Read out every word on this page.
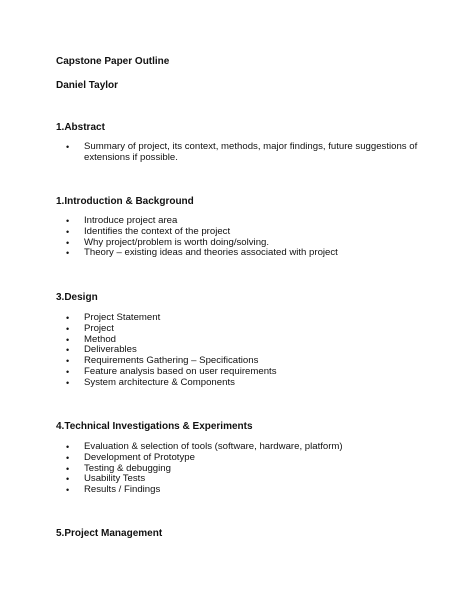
Capstone Paper Outline
Daniel Taylor
1.Abstract
• Summary of project, its context, methods, major findings, future suggestions of extensions if possible.
1.Introduction & Background
• Introduce project area
• Identifies the context of the project
• Why project/problem is worth doing/solving.
• Theory – existing ideas and theories associated with project
3.Design
• Project Statement
• Project
• Method
• Deliverables
• Requirements Gathering – Specifications
• Feature analysis based on user requirements
• System architecture & Components
4.Technical Investigations & Experiments
• Evaluation & selection of tools (software, hardware, platform)
• Development of Prototype
• Testing & debugging
• Usability Tests
• Results / Findings
5.Project Management
